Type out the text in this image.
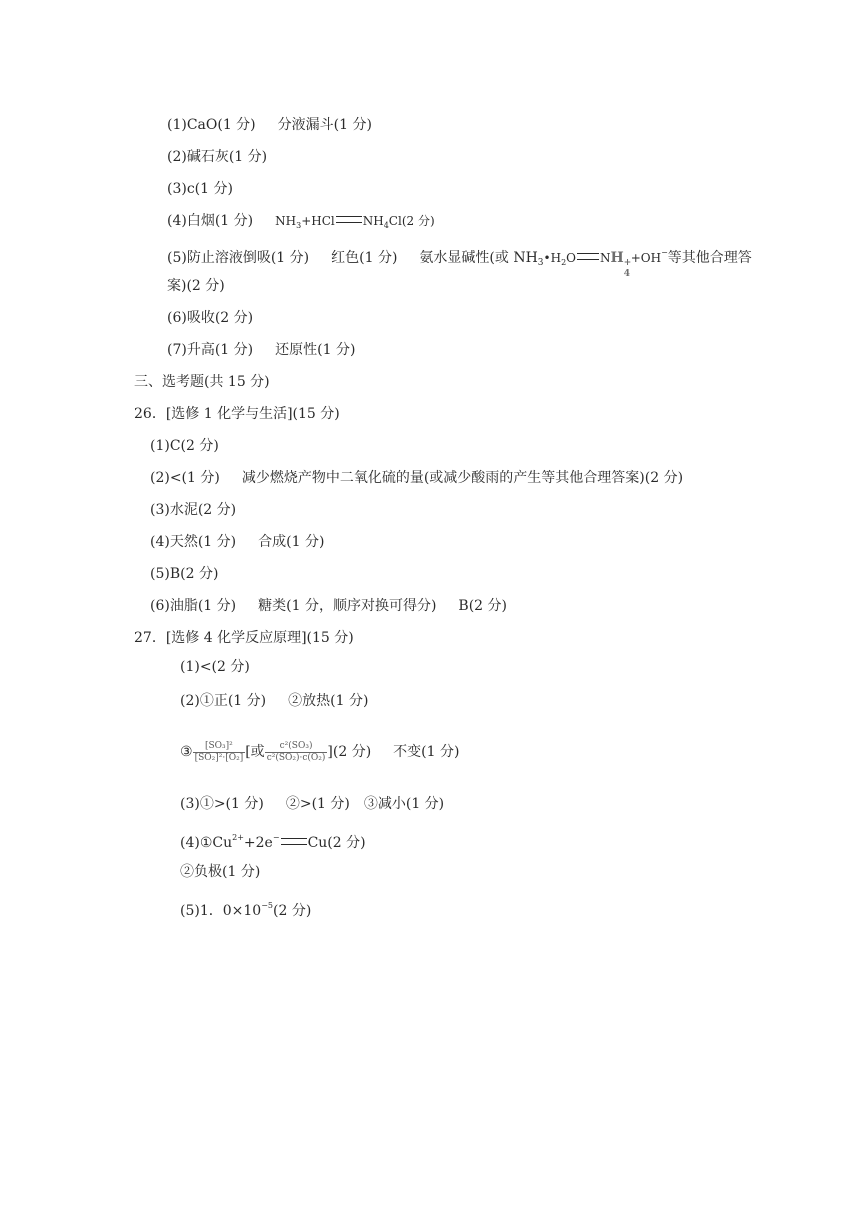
(1)CaO(1 分) 分液漏斗(1 分)
(2)碱石灰(1 分)
(3)c(1 分)
(4)白烟(1 分) $NH_3+HCl$ $NH_4Cl(2$ 分)
(5)防止溶液倒吸(1 分) 红色(1 分) 氨水显碱性(或 $NH_3•H_2O$ NH +
4
+OH−等其他合理答
案)(2 分)
(6)吸收(2 分)
(7)升高(1 分) 还原性(1 分)
三、选考题(共 15 分)
26．[选修 1 化学与生活](15 分)
(1)C(2 分)
(2)<(1 分) 减少燃烧产物中二氧化硫的量(或减少酸雨的产生等其他合理答案)(2 分)
(3)水泥(2 分)
(4)天然(1 分) 合成(1 分)
(5)B(2 分)
(6)油脂(1 分) 糖类(1 分，顺序对换可得分) B(2 分)
27．[选修 4 化学反应原理](15 分)
(1)<(2 分)
(2)①正(1 分) ②放热(1 分)
③ $\frac{\text{[SO₃]²}}{\text{[SO₂]²·[O₂]}}$ [或 $\frac{\text{c²(SO₃)}}{\text{c²(SO₂)·c(O₂)}} ](2$ 分) 不变(1 分)
(3)①>(1 分) ②>(1 分) ③减小(1 分)
$(4)①Cu^{2+}+2e^-$ Cu(2 分)
②负极(1 分)
(5)1．$0\times 10^{-5}(2$ 分)
